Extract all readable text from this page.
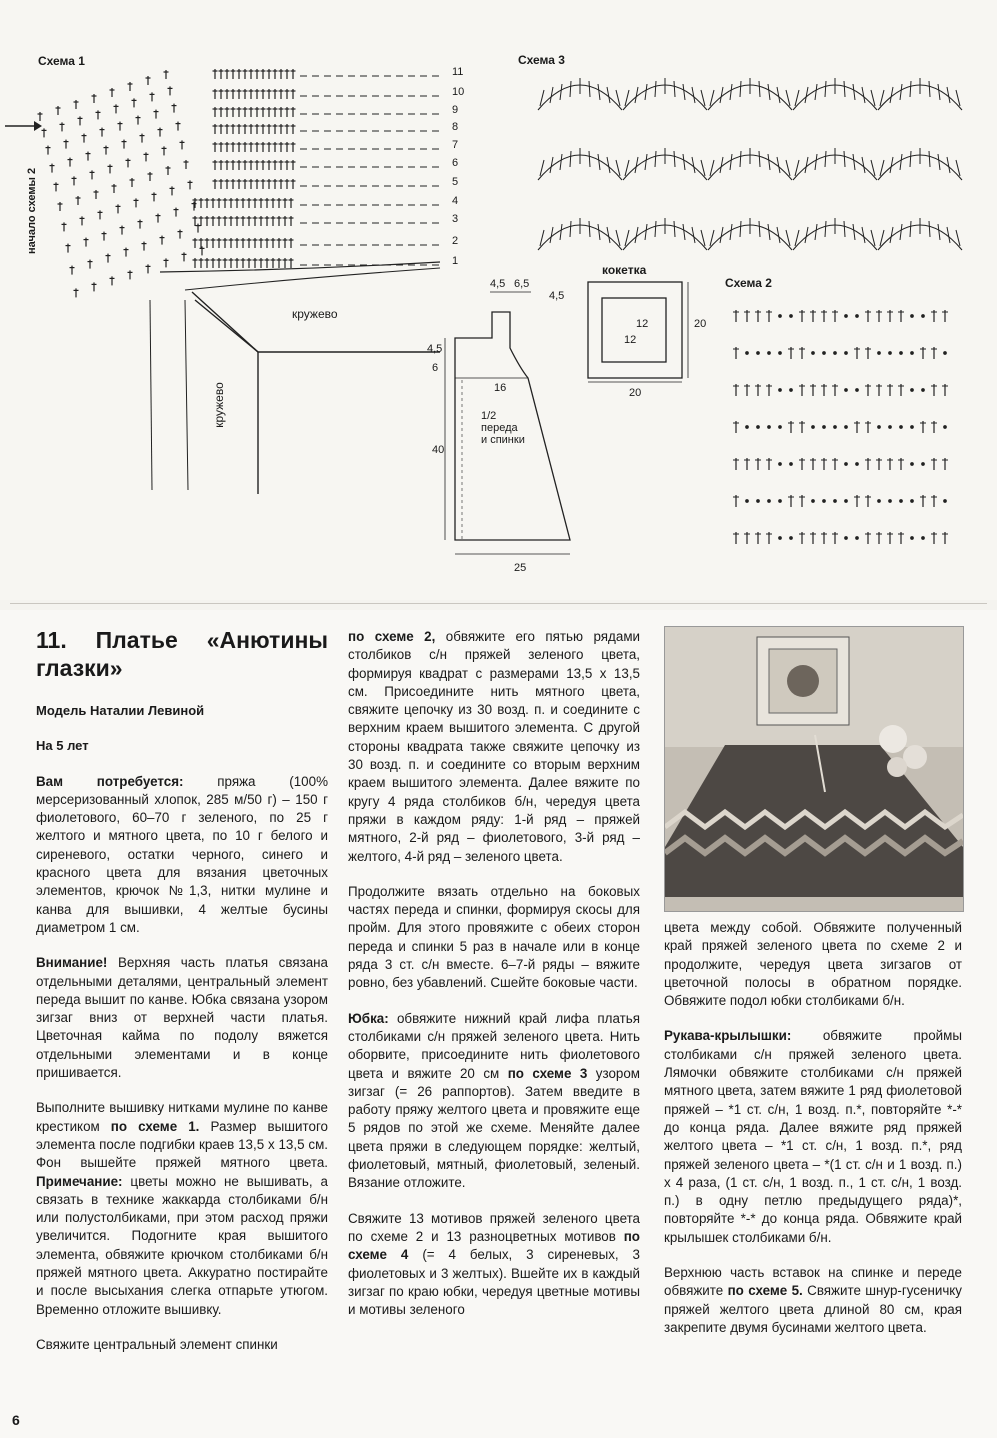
Схема 1	Схема 3
Схема 2
начало схемы 2
кружево
кружево
кокетка
1/2
переда
и спинки
11
10
9
8
7
6
5
4
3
2
1
4,5 6,5
4,5
4,5
6
16
40
25
12
12
20
20
11. Платье «Анютины глазки»
Модель Наталии Левиной
На 5 лет

Вам потребуется: пряжа (100% мерсеризованный хлопок, 285 м/50 г) – 150 г фиолетового, 60–70 г зеленого, по 25 г желтого и мятного цвета, по 10 г белого и сиреневого, остатки черного, синего и красного цвета для вязания цветочных элементов, крючок №1,3, нитки мулине и канва для вышивки, 4 желтые бусины диаметром 1 см.

Внимание! Верхняя часть платья связана отдельными деталями, центральный элемент переда вышит по канве. Юбка связана узором зигзаг вниз от верхней части платья. Цветочная кайма по подолу вяжется отдельными элементами и в конце пришивается.

Выполните вышивку нитками мулине по канве крестиком по схеме 1. Размер вышитого элемента после подгибки краев 13,5 х 13,5 см. Фон вышейте пряжей мятного цвета. Примечание: цветы можно не вышивать, а связать в технике жаккарда столбиками б/н или полустолбиками, при этом расход пряжи увеличится. Подогните края вышитого элемента, обвяжите крючком столбиками б/н пряжей мятного цвета. Аккуратно постирайте и после высыхания слегка отпарьте утюгом. Временно отложите вышивку.

Свяжите центральный элемент спинки

по схеме 2, обвяжите его пятью рядами столбиков с/н пряжей зеленого цвета, формируя квадрат с размерами 13,5 х 13,5 см. Присоедините нить мятного цвета, свяжите цепочку из 30 возд. п. и соедините с верхним краем вышитого элемента. С другой стороны квадрата также свяжите цепочку из 30 возд. п. и соедините со вторым верхним краем вышитого элемента. Далее вяжите по кругу 4 ряда столбиков б/н, чередуя цвета пряжи в каждом ряду: 1-й ряд – пряжей мятного, 2-й ряд – фиолетового, 3-й ряд – желтого, 4-й ряд – зеленого цвета.

Продолжите вязать отдельно на боковых частях переда и спинки, формируя скосы для пройм. Для этого провяжите с обеих сторон переда и спинки 5 раз в начале или в конце ряда 3 ст. с/н вместе. 6–7-й ряды – вяжите ровно, без убавлений. Сшейте боковые части.

Юбка: обвяжите нижний край лифа платья столбиками с/н пряжей зеленого цвета. Нить оборвите, присоедините нить фиолетового цвета и вяжите 20 см по схеме 3 узором зигзаг (= 26 раппортов). Затем введите в работу пряжу желтого цвета и провяжите еще 5 рядов по этой же схеме. Меняйте далее цвета пряжи в следующем порядке: желтый, фиолетовый, мятный, фиолетовый, зеленый. Вязание отложите.

Свяжите 13 мотивов пряжей зеленого цвета по схеме 2 и 13 разноцветных мотивов по схеме 4 (= 4 белых, 3 сиреневых, 3 фиолетовых и 3 желтых). Вшейте их в каждый зигзаг по краю юбки, чередуя цветные мотивы и мотивы зеленого

цвета между собой. Обвяжите полученный край пряжей зеленого цвета по схеме 2 и продолжите, чередуя цвета зигзагов от цветочной полосы в обратном порядке. Обвяжите подол юбки столбиками б/н.

Рукава-крылышки: обвяжите проймы столбиками с/н пряжей зеленого цвета. Лямочки обвяжите столбиками с/н пряжей мятного цвета, затем вяжите 1 ряд фиолетовой пряжей – *1 ст. с/н, 1 возд. п.*, повторяйте *-* до конца ряда. Далее вяжите ряд пряжей желтого цвета – *1 ст. с/н, 1 возд. п.*, ряд пряжей зеленого цвета – *(1 ст. с/н и 1 возд. п.) х 4 раза, (1 ст. с/н, 1 возд. п., 1 ст. с/н, 1 возд. п.) в одну петлю предыдущего ряда)*, повторяйте *-* до конца ряда. Обвяжите край крылышек столбиками б/н.

Верхнюю часть вставок на спинке и переде обвяжите по схеме 5. Свяжите шнур-гусеничку пряжей желтого цвета длиной 80 см, края закрепите двумя бусинами желтого цвета.

6
